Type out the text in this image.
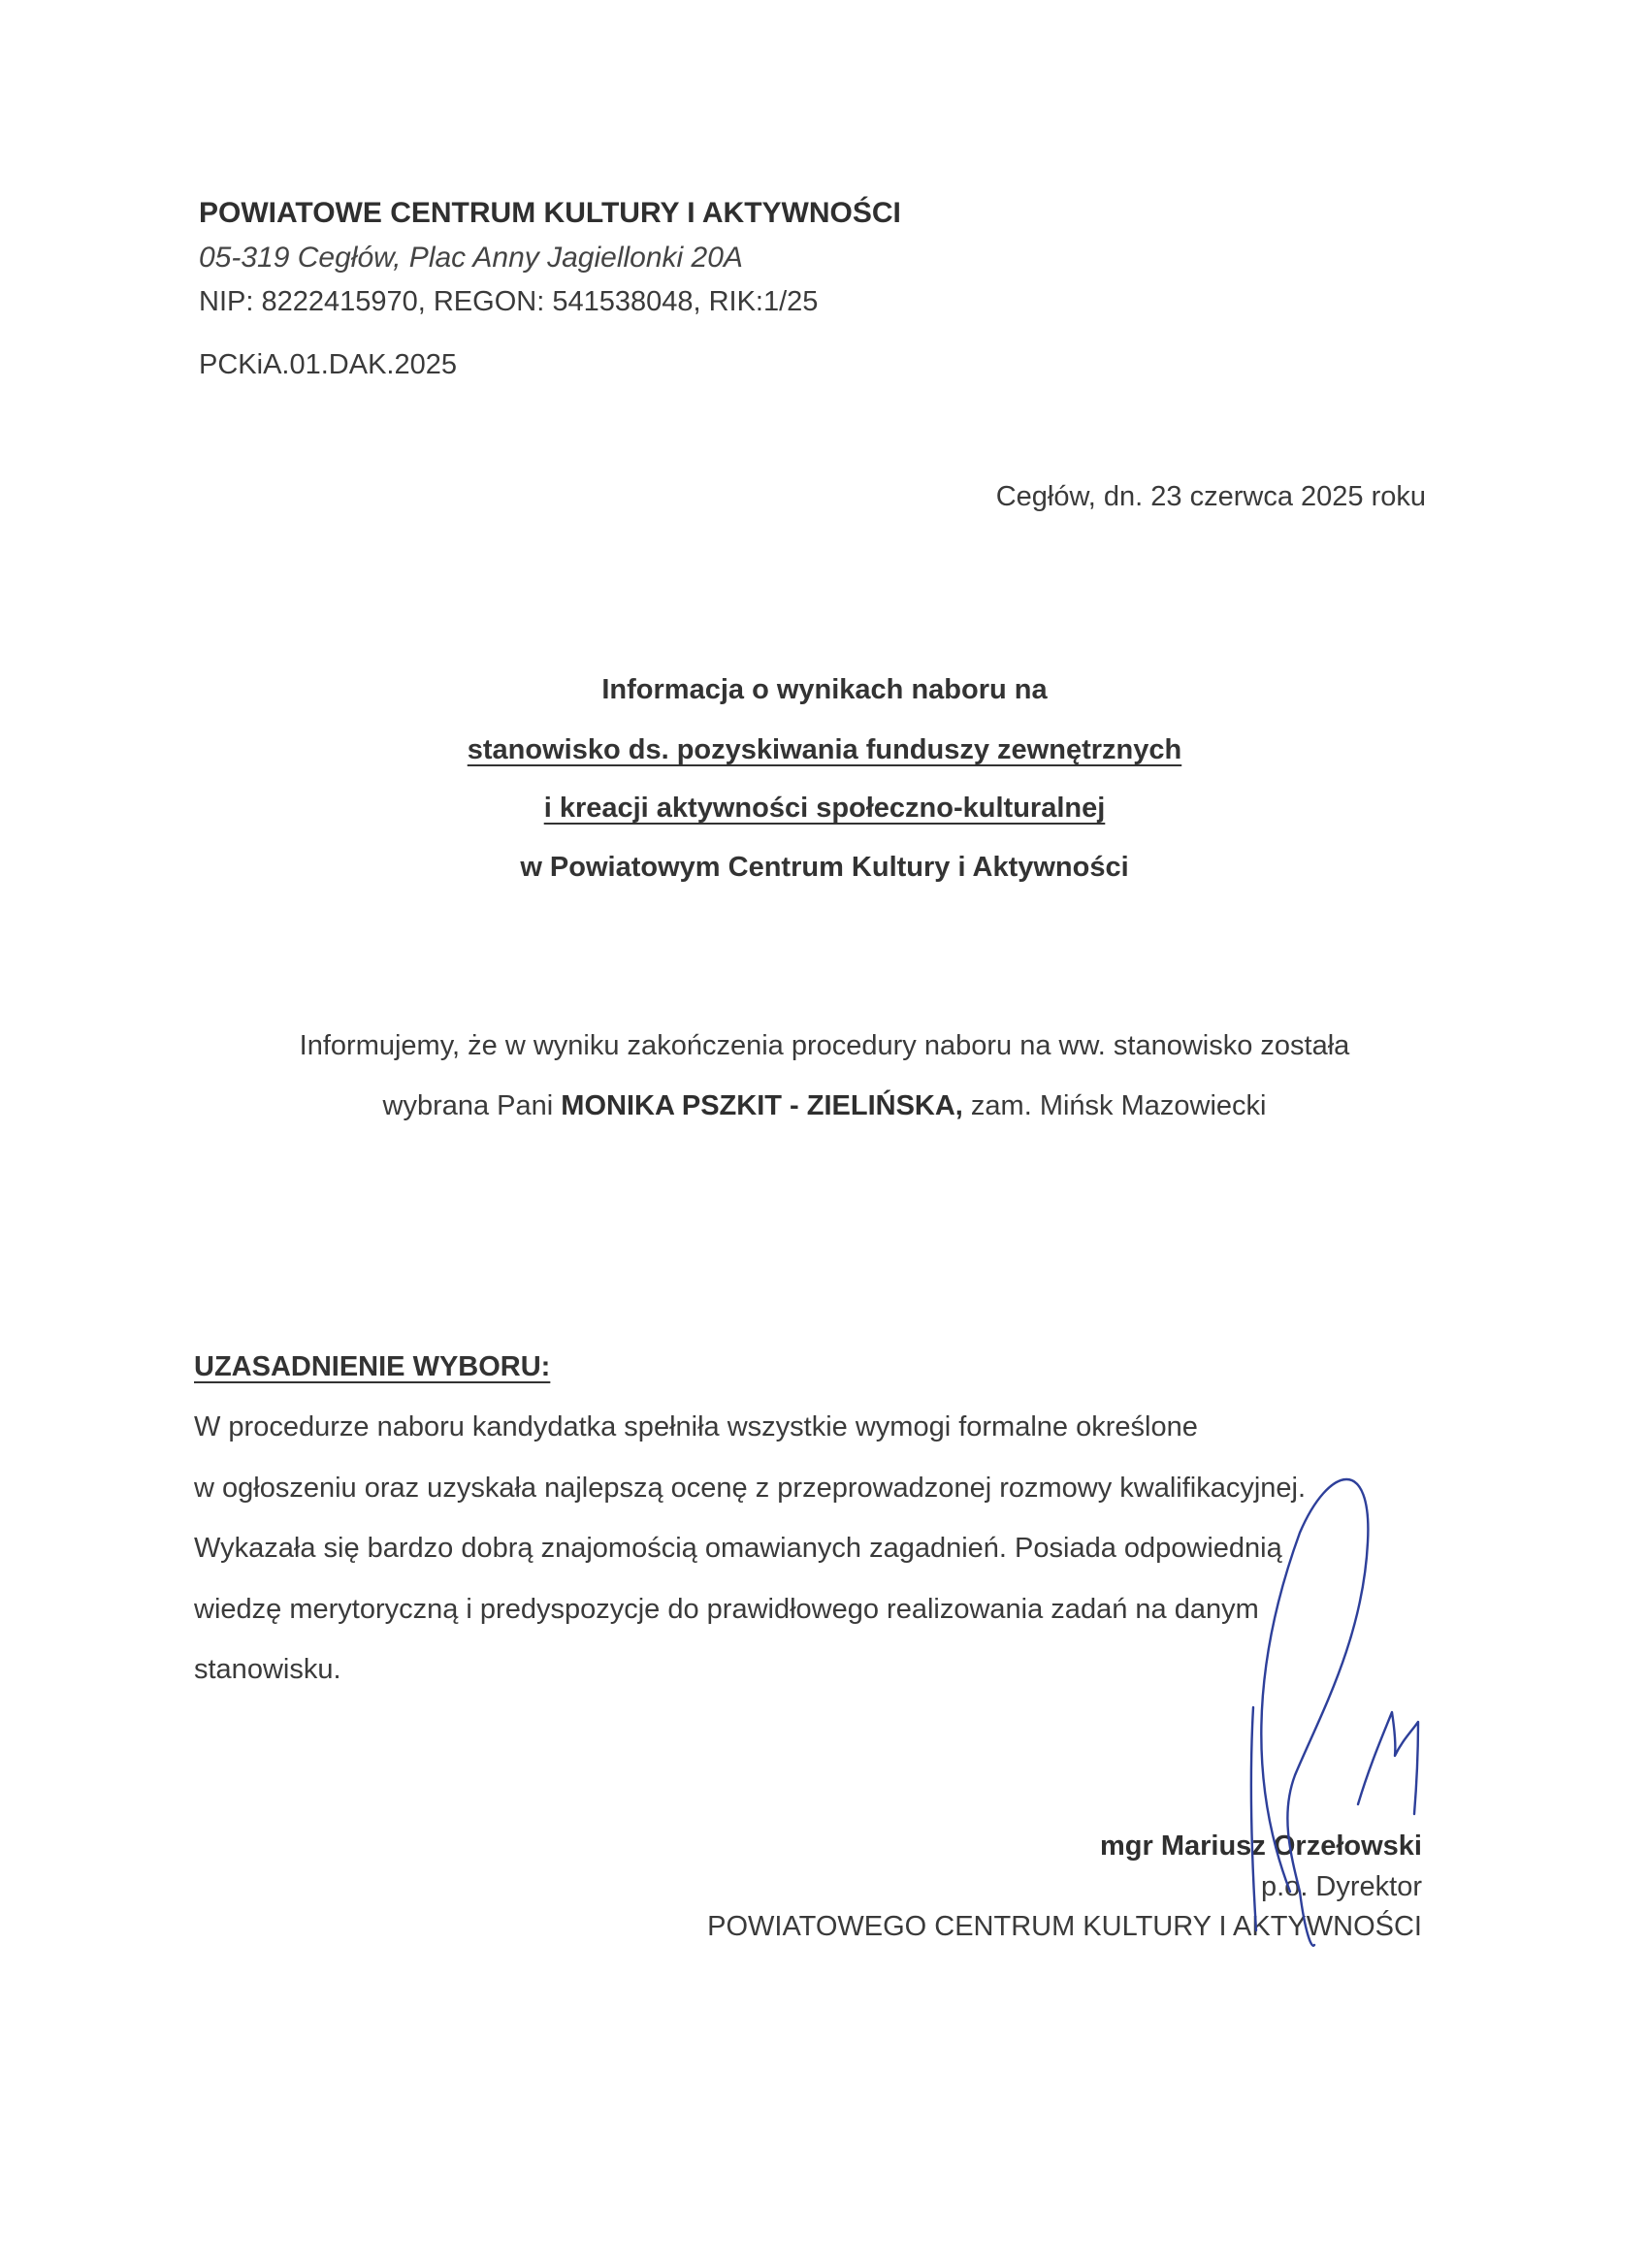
POWIATOWE CENTRUM KULTURY I AKTYWNOŚCI
05-319 Cegłów, Plac Anny Jagiellonki 20A
NIP: 8222415970, REGON: 541538048, RIK:1/25
PCKiA.01.DAK.2025
Cegłów, dn. 23 czerwca 2025 roku
Informacja o wynikach naboru na
stanowisko ds. pozyskiwania funduszy zewnętrznych
i kreacji aktywności społeczno-kulturalnej
w Powiatowym Centrum Kultury i Aktywności
Informujemy, że w wyniku zakończenia procedury naboru na ww. stanowisko została
wybrana Pani MONIKA PSZKIT - ZIELIŃSKA, zam. Mińsk Mazowiecki
UZASADNIENIE WYBORU:
W procedurze naboru kandydatka spełniła wszystkie wymogi formalne określone
w ogłoszeniu oraz uzyskała najlepszą ocenę z przeprowadzonej rozmowy kwalifikacyjnej.
Wykazała się bardzo dobrą znajomością omawianych zagadnień. Posiada odpowiednią
wiedzę merytoryczną i predyspozycje do prawidłowego realizowania zadań na danym
stanowisku.
mgr Mariusz Orzełowski
p.o. Dyrektor
POWIATOWEGO CENTRUM KULTURY I AKTYWNOŚCI
